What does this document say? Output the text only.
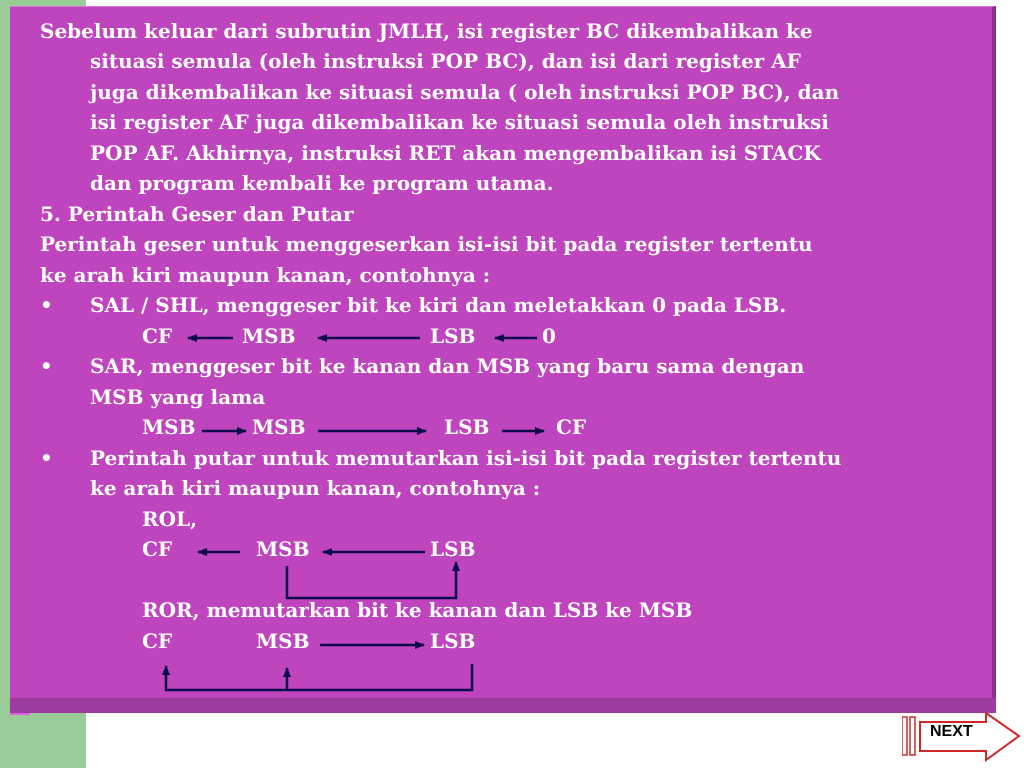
Sebelum keluar dari subrutin JMLH, isi register BC dikembalikan ke
situasi semula (oleh instruksi POP BC), dan isi dari register AF
juga dikembalikan ke situasi semula ( oleh instruksi POP BC), dan
isi register AF juga dikembalikan ke situasi semula oleh instruksi
POP AF. Akhirnya, instruksi RET akan mengembalikan isi STACK
dan program kembali ke program utama.
5. Perintah Geser dan Putar
Perintah geser untuk menggeserkan isi-isi bit pada register tertentu
ke arah kiri maupun kanan, contohnya :
• SAL / SHL, menggeser bit ke kiri dan meletakkan 0 pada LSB.
CF	MSB	LSB	0
• SAR, menggeser bit ke kanan dan MSB yang baru sama dengan
MSB yang lama
MSB	MSB	LSB	CF
• Perintah putar untuk memutarkan isi-isi bit pada register tertentu
ke arah kiri maupun kanan, contohnya :
ROL,
CF	MSB	LSB
ROR, memutarkan bit ke kanan dan LSB ke MSB
CF	MSB	LSB
NEXT
